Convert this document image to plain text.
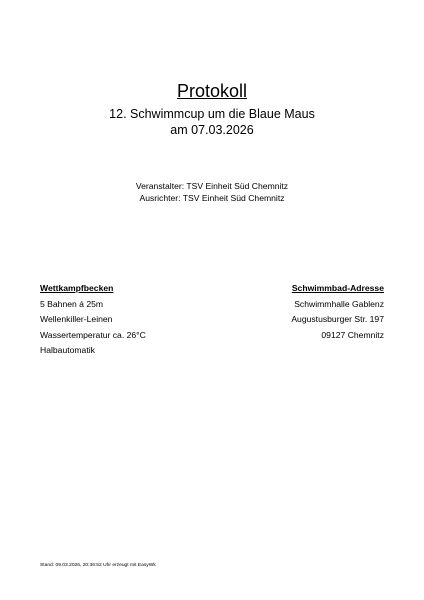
Protokoll
12. Schwimmcup um die Blaue Maus
am 07.03.2026
Veranstalter: TSV Einheit Süd Chemnitz
Ausrichter: TSV Einheit Süd Chemnitz
Wettkampfbecken
5 Bahnen á 25m
Wellenkiller-Leinen
Wassertemperatur ca. 26°C
Halbautomatik
Schwimmbad-Adresse
Schwimmhalle Gablenz
Augustusburger Str. 197
09127 Chemnitz
Stand: 09.03.2026, 20:36:52 Uhr erzeugt mit EasyWk
